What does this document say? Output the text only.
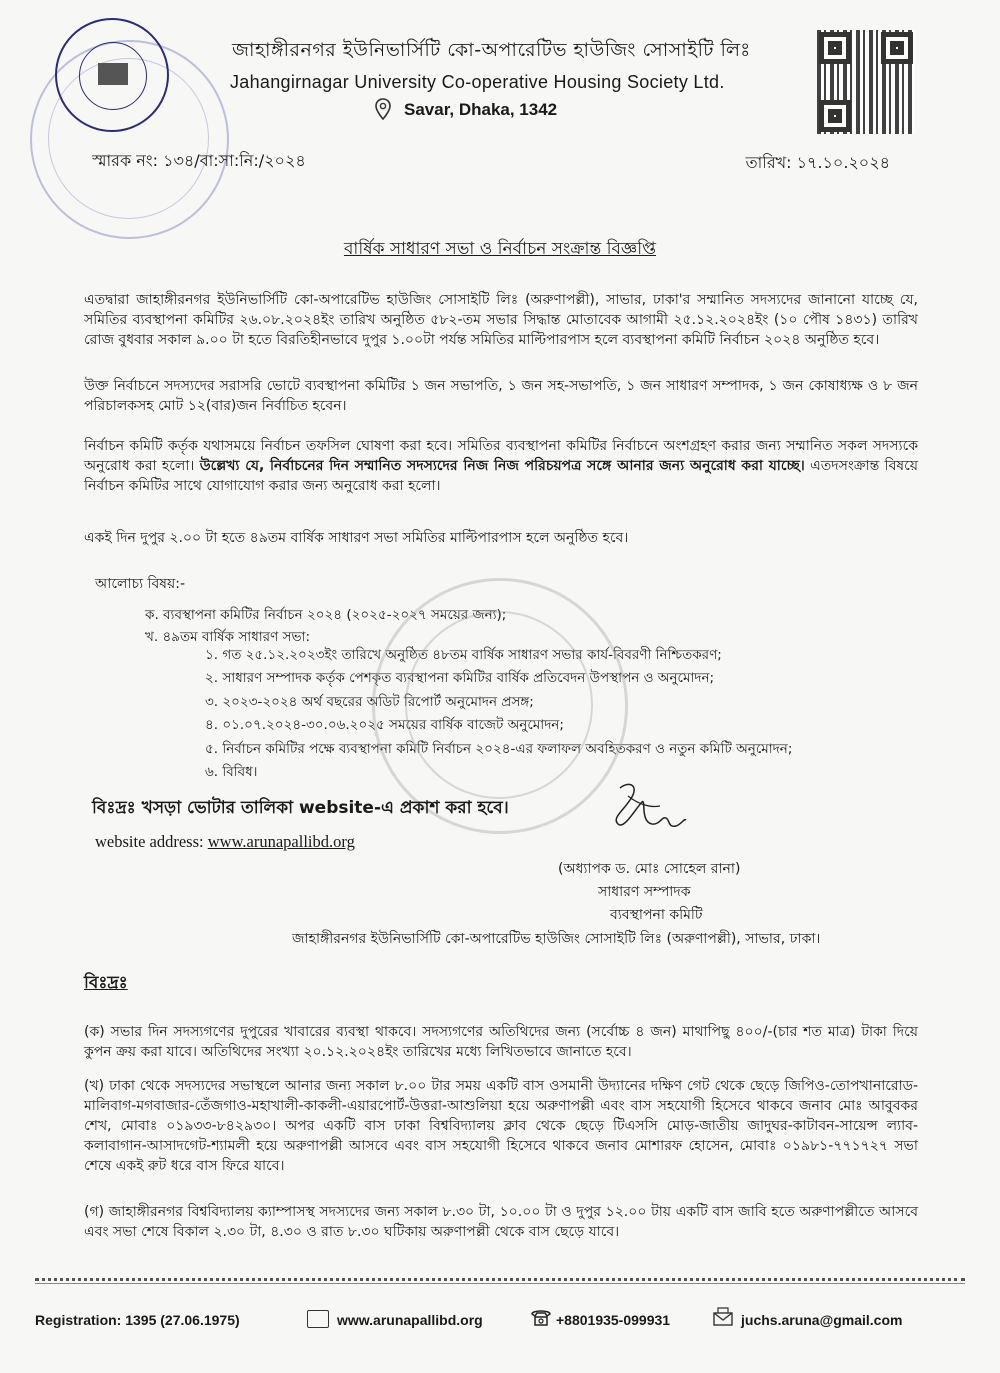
জাহাঙ্গীরনগর ইউনিভার্সিটি কো-অপারেটিভ হাউজিং সোসাইটি লিঃ
Jahangirnagar University Co-operative Housing Society Ltd.
Savar, Dhaka, 1342
স্মারক নং: ১৩৪/বা:সা:নি:/২০২৪	তারিখ: ১৭.১০.২০২৪
বার্ষিক সাধারণ সভা ও নির্বাচন সংক্রান্ত বিজ্ঞপ্তি
এতদ্বারা জাহাঙ্গীরনগর ইউনিভার্সিটি কো-অপারেটিভ হাউজিং সোসাইটি লিঃ (অরুণাপল্লী), সাভার, ঢাকা'র সম্মানিত সদস্যদের জানানো যাচ্ছে যে, সমিতির ব্যবস্থাপনা কমিটির ২৬.০৮.২০২৪ইং তারিখ অনুষ্ঠিত ৫৮২-তম সভার সিদ্ধান্ত মোতাবেক আগামী ২৫.১২.২০২৪ইং (১০ পৌষ ১৪৩১) তারিখ রোজ বুধবার সকাল ৯.০০ টা হতে বিরতিহীনভাবে দুপুর ১.০০টা পর্যন্ত সমিতির মাল্টিপারপাস হলে ব্যবস্থাপনা কমিটি নির্বাচন ২০২৪ অনুষ্ঠিত হবে।
উক্ত নির্বাচনে সদস্যদের সরাসরি ভোটে ব্যবস্থাপনা কমিটির ১ জন সভাপতি, ১ জন সহ-সভাপতি, ১ জন সাধারণ সম্পাদক, ১ জন কোষাধ্যক্ষ ও ৮ জন পরিচালকসহ মোট ১২(বার)জন নির্বাচিত হবেন।
নির্বাচন কমিটি কর্তৃক যথাসময়ে নির্বাচন তফসিল ঘোষণা করা হবে। সমিতির ব্যবস্থাপনা কমিটির নির্বাচনে অংশগ্রহণ করার জন্য সম্মানিত সকল সদস্যকে অনুরোধ করা হলো। উল্লেখ্য যে, নির্বাচনের দিন সম্মানিত সদস্যদের নিজ নিজ পরিচয়পত্র সঙ্গে আনার জন্য অনুরোধ করা যাচ্ছে। এতদসংক্রান্ত বিষয়ে নির্বাচন কমিটির সাথে যোগাযোগ করার জন্য অনুরোধ করা হলো।
একই দিন দুপুর ২.০০ টা হতে ৪৯তম বার্ষিক সাধারণ সভা সমিতির মাল্টিপারপাস হলে অনুষ্ঠিত হবে।
আলোচ্য বিষয়:-
ক. ব্যবস্থাপনা কমিটির নির্বাচন ২০২৪ (২০২৫-২০২৭ সময়ের জন্য);
খ. ৪৯তম বার্ষিক সাধারণ সভা:
১. গত ২৫.১২.২০২৩ইং তারিখে অনুষ্ঠিত ৪৮তম বার্ষিক সাধারণ সভার কার্য-বিবরণী নিশ্চিতকরণ;
২. সাধারণ সম্পাদক কর্তৃক পেশকৃত ব্যবস্থাপনা কমিটির বার্ষিক প্রতিবেদন উপস্থাপন ও অনুমোদন;
৩. ২০২৩-২০২৪ অর্থ বছরের অডিট রিপোর্ট অনুমোদন প্রসঙ্গ;
৪. ০১.০৭.২০২৪-৩০.০৬.২০২৫ সময়ের বার্ষিক বাজেট অনুমোদন;
৫. নির্বাচন কমিটির পক্ষে ব্যবস্থাপনা কমিটি নির্বাচন ২০২৪-এর ফলাফল অবহিতকরণ ও নতুন কমিটি অনুমোদন;
৬. বিবিধ।
বিঃদ্রঃ খসড়া ভোটার তালিকা website-এ প্রকাশ করা হবে।
website address: www.arunapallibd.org
(অধ্যাপক ড. মোঃ সোহেল রানা)
সাধারণ সম্পাদক
ব্যবস্থাপনা কমিটি
জাহাঙ্গীরনগর ইউনিভার্সিটি কো-অপারেটিভ হাউজিং সোসাইটি লিঃ (অরুণাপল্লী), সাভার, ঢাকা।
বিঃদ্রঃ
(ক) সভার দিন সদস্যগণের দুপুরের খাবারের ব্যবস্থা থাকবে। সদস্যগণের অতিথিদের জন্য (সর্বোচ্চ ৪ জন) মাথাপিছু ৪০০/-(চার শত মাত্র) টাকা দিয়ে কুপন ক্রয় করা যাবে। অতিথিদের সংখ্যা ২০.১২.২০২৪ইং তারিখের মধ্যে লিখিতভাবে জানাতে হবে।
(খ) ঢাকা থেকে সদস্যদের সভাস্থলে আনার জন্য সকাল ৮.০০ টার সময় একটি বাস ওসমানী উদ্যানের দক্ষিণ গেট থেকে ছেড়ে জিপিও-তোপখানারোড-মালিবাগ-মগবাজার-তেঁজগাও-মহাখালী-কাকলী-এয়ারপোর্ট-উত্তরা-আশুলিয়া হয়ে অরুণাপল্লী এবং বাস সহযোগী হিসেবে থাকবে জনাব মোঃ আবুবকর শেখ, মোবাঃ ০১৯৩৩-৮৪২৯৩০। অপর একটি বাস ঢাকা বিশ্ববিদ্যালয় ক্লাব থেকে ছেড়ে টিএসসি মোড়-জাতীয় জাদুঘর-কাটাবন-সায়েন্স ল্যাব-কলাবাগান-আসাদগেট-শ্যামলী হয়ে অরুণাপল্লী আসবে এবং বাস সহযোগী হিসেবে থাকবে জনাব মোশারফ হোসেন, মোবাঃ ০১৯৮১-৭৭১৭২৭ সভা শেষে একই রুট ধরে বাস ফিরে যাবে।
(গ) জাহাঙ্গীরনগর বিশ্ববিদ্যালয় ক্যাম্পাসস্থ সদস্যদের জন্য সকাল ৮.৩০ টা, ১০.০০ টা ও দুপুর ১২.০০ টায় একটি বাস জাবি হতে অরুণাপল্লীতে আসবে এবং সভা শেষে বিকাল ২.৩০ টা, ৪.৩০ ও রাত ৮.৩০ ঘটিকায় অরুণাপল্লী থেকে বাস ছেড়ে যাবে।
Registration: 1395 (27.06.1975)	www.arunapallibd.org	+8801935-099931	juchs.aruna@gmail.com
